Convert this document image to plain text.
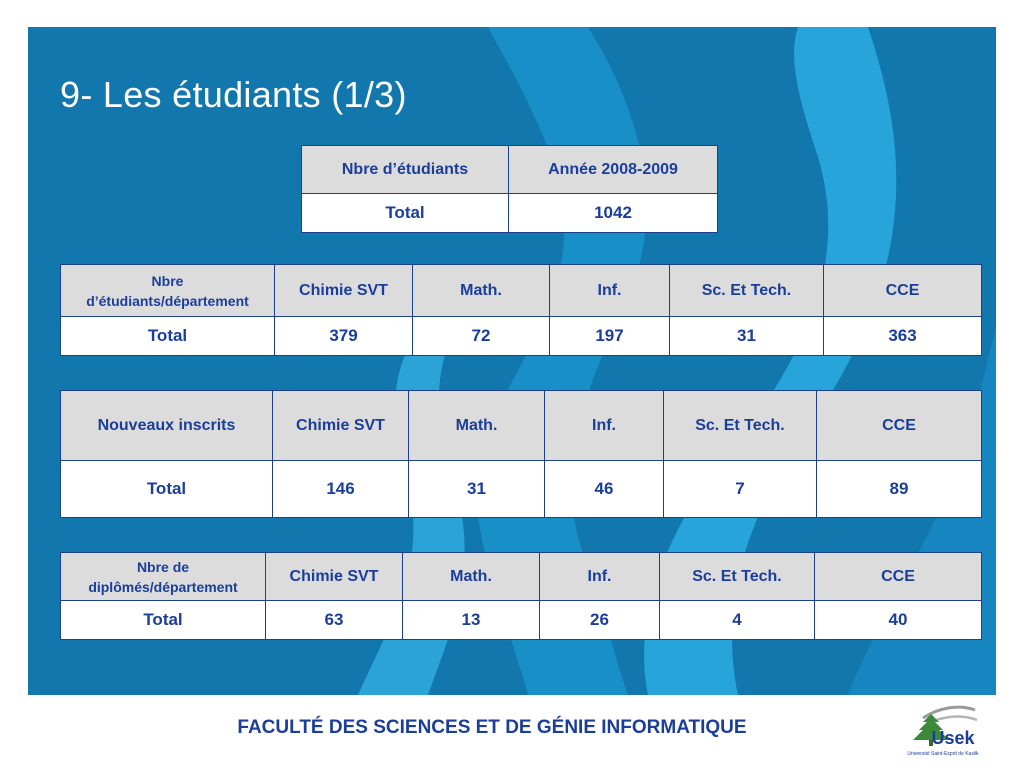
9- Les étudiants (1/3)
Nbre d’étudiants	Année 2008-2009
Total	1042
Nbre
d’étudiants/département	Chimie SVT	Math.	Inf.	Sc. Et Tech.	CCE
Total	379	72	197	31	363
Nouveaux inscrits	Chimie SVT	Math.	Inf.	Sc. Et Tech.	CCE
Total	146	31	46	7	89
Nbre de
diplômés/département	Chimie SVT	Math.	Inf.	Sc. Et Tech.	CCE
Total	63	13	26	4	40
FACULTÉ DES SCIENCES ET DE GÉNIE INFORMATIQUE	Usek
Université Saint-Esprit de Kaslik
